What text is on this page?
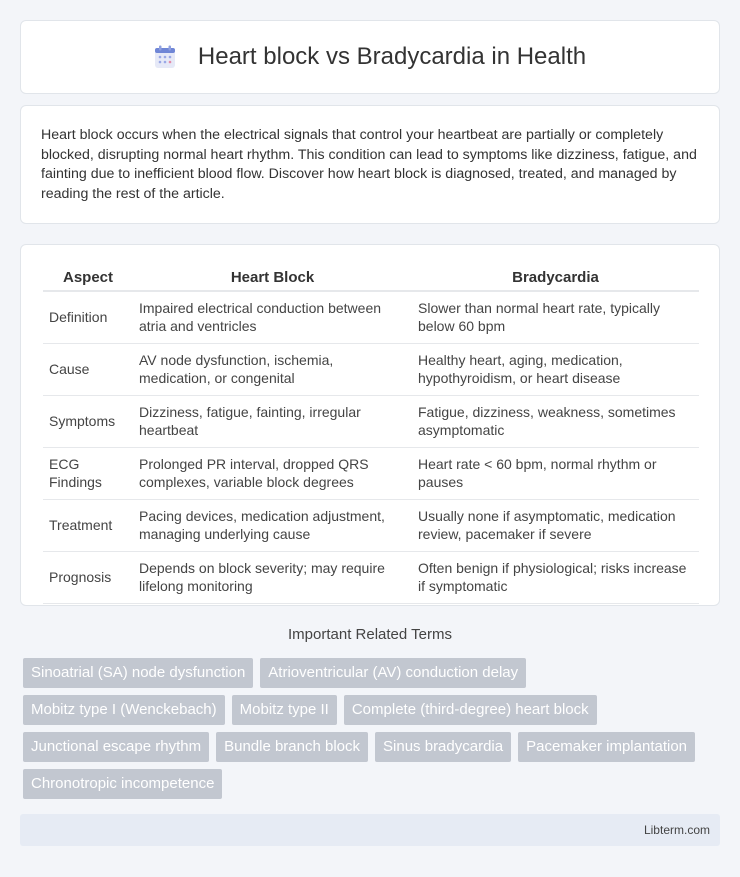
Heart block vs Bradycardia in Health

Heart block occurs when the electrical signals that control your heartbeat are partially or completely blocked, disrupting normal heart rhythm. This condition can lead to symptoms like dizziness, fatigue, and fainting due to inefficient blood flow. Discover how heart block is diagnosed, treated, and managed by reading the rest of the article.

Aspect	Heart Block	Bradycardia
Definition	Impaired electrical conduction between atria and ventricles	Slower than normal heart rate, typically below 60 bpm
Cause	AV node dysfunction, ischemia, medication, or congenital	Healthy heart, aging, medication, hypothyroidism, or heart disease
Symptoms	Dizziness, fatigue, fainting, irregular heartbeat	Fatigue, dizziness, weakness, sometimes asymptomatic
ECG Findings	Prolonged PR interval, dropped QRS complexes, variable block degrees	Heart rate < 60 bpm, normal rhythm or pauses
Treatment	Pacing devices, medication adjustment, managing underlying cause	Usually none if asymptomatic, medication review, pacemaker if severe
Prognosis	Depends on block severity; may require lifelong monitoring	Often benign if physiological; risks increase if symptomatic
Important Related Terms
Sinoatrial (SA) node dysfunction	Atrioventricular (AV) conduction delay
Mobitz type I (Wenckebach)	Mobitz type II	Complete (third-degree) heart block
Junctional escape rhythm	Bundle branch block	Sinus bradycardia	Pacemaker implantation
Chronotropic incompetence
Libterm.com
